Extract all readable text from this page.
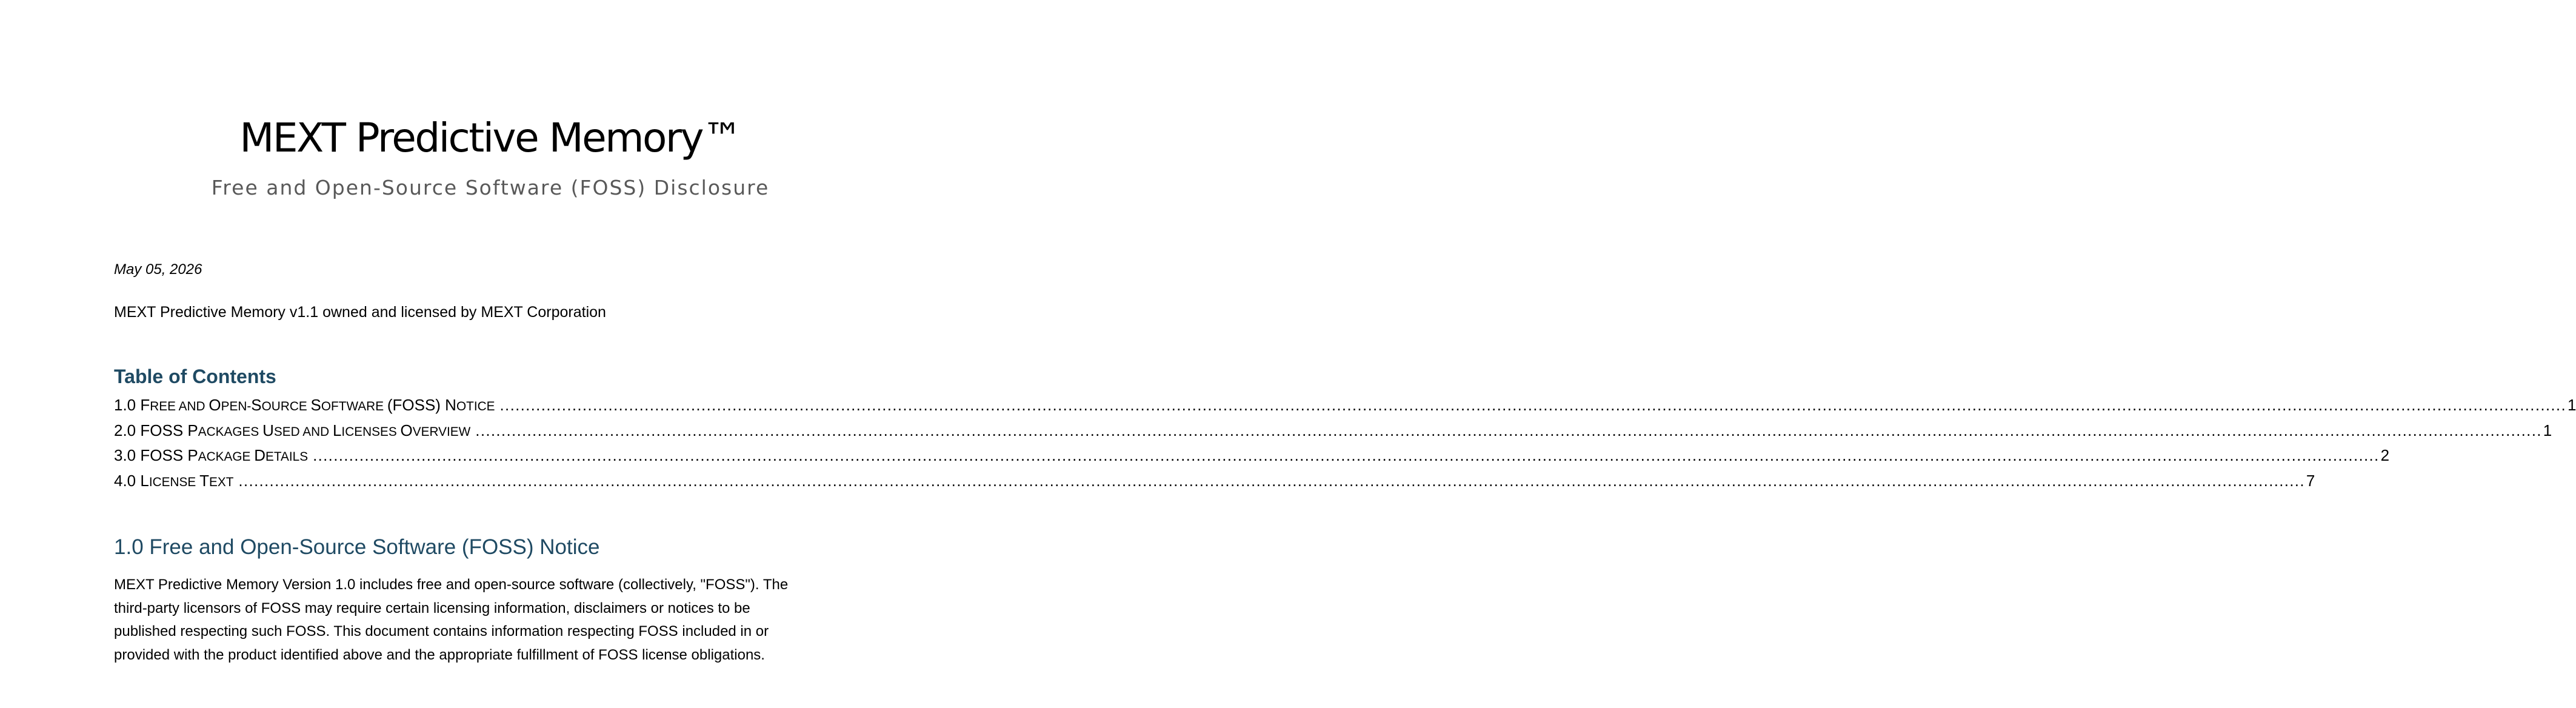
MEXT Predictive Memory™
Free and Open-Source Software (FOSS) Disclosure
May 05, 2026
MEXT Predictive Memory v1.1 owned and licensed by MEXT Corporation
Table of Contents
1.0 FREE AND OPEN-SOURCE SOFTWARE (FOSS) NOTICE ................................................................................................................................................................................................................................................................................................................................................................................................................ 1
2.0 FOSS PACKAGES USED AND LICENSES OVERVIEW ................................................................................................................................................................................................................................................................................................................................................................................................................ 1
3.0 FOSS PACKAGE DETAILS ................................................................................................................................................................................................................................................................................................................................................................................................................ 2
4.0 LICENSE TEXT ................................................................................................................................................................................................................................................................................................................................................................................................................ 7
1.0 Free and Open-Source Software (FOSS) Notice
MEXT Predictive Memory Version 1.0 includes free and open-source software (collectively, "FOSS"). The
third-party licensors of FOSS may require certain licensing information, disclaimers or notices to be
published respecting such FOSS. This document contains information respecting FOSS included in or
provided with the product identified above and the appropriate fulfillment of FOSS license obligations.
